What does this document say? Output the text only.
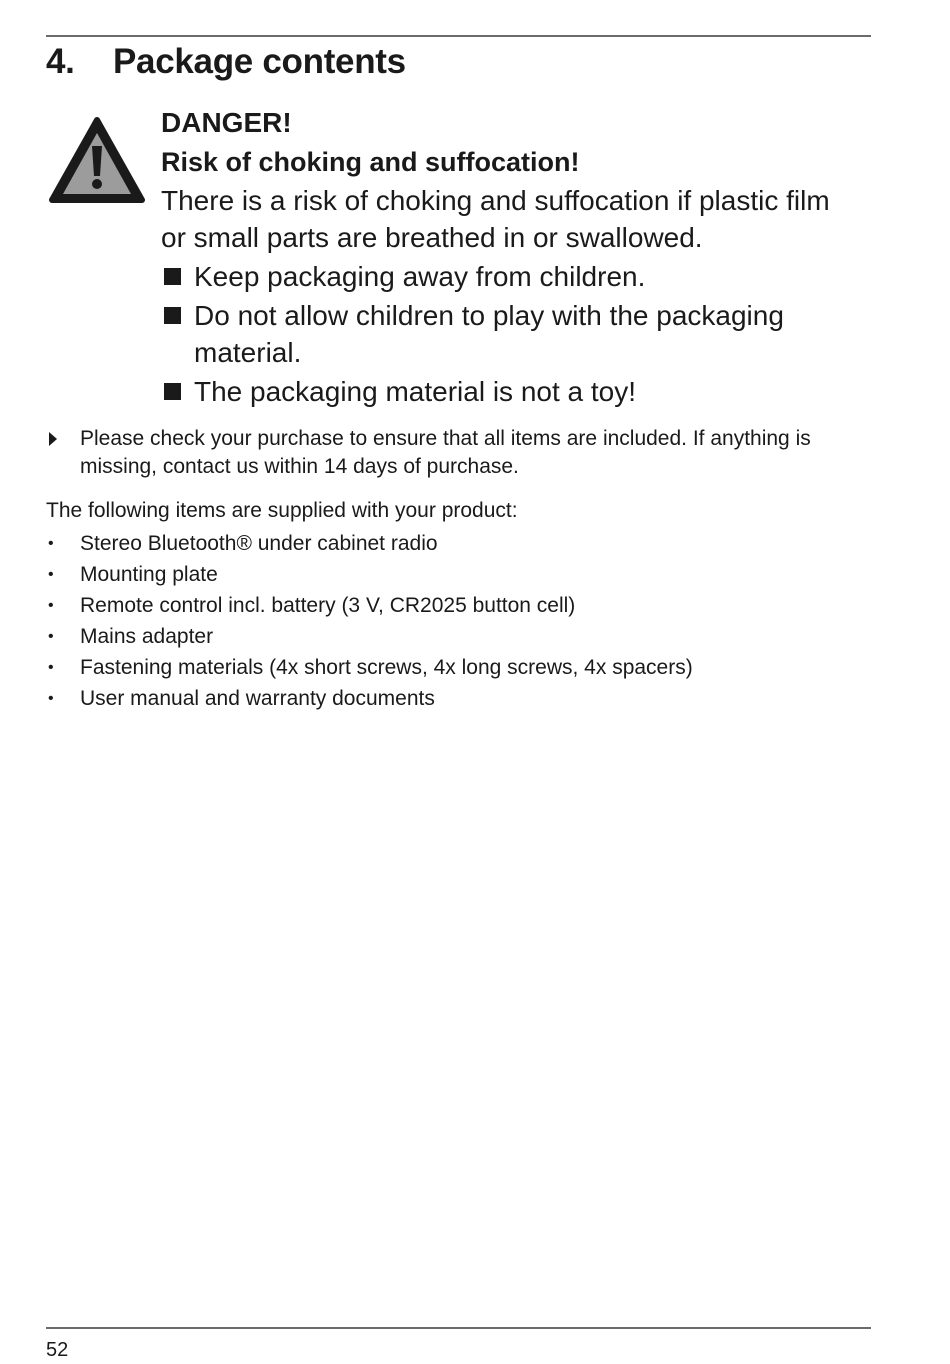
4. Package contents
DANGER!
Risk of choking and suffocation!
There is a risk of choking and suffocation if plastic film or small parts are breathed in or swallowed.
Keep packaging away from children.
Do not allow children to play with the packaging material.
The packaging material is not a toy!
Please check your purchase to ensure that all items are included. If anything is missing, contact us within 14 days of purchase.
The following items are supplied with your product:
• Stereo Bluetooth® under cabinet radio
• Mounting plate
• Remote control incl. battery (3 V, CR2025 button cell)
• Mains adapter
• Fastening materials (4x short screws, 4x long screws, 4x spacers)
• User manual and warranty documents
52
